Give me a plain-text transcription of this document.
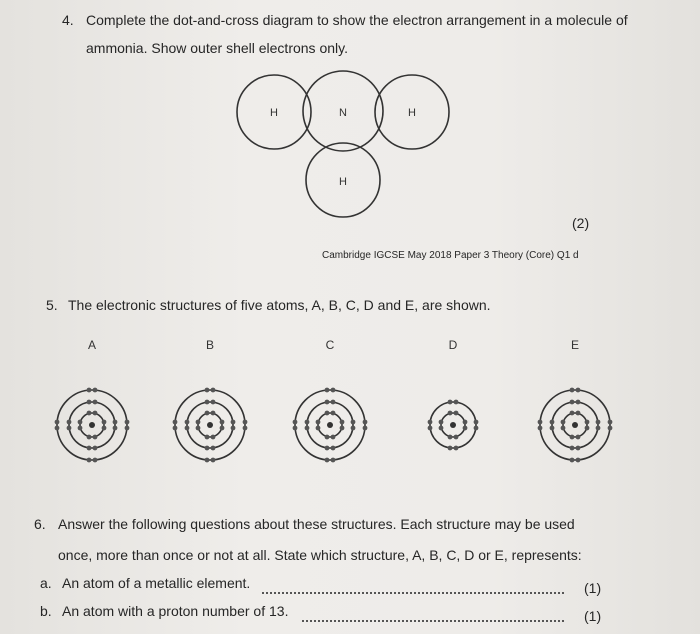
4. Complete the dot-and-cross diagram to show the electron arrangement in a molecule of
ammonia. Show outer shell electrons only.
H	N	H
H
(2)
Cambridge IGCSE May 2018 Paper 3 Theory (Core) Q1 d
5. The electronic structures of five atoms, A, B, C, D and E, are shown.
A	B	C	D	E
6. Answer the following questions about these structures. Each structure may be used
once, more than once or not at all. State which structure, A, B, C, D or E, represents:
a. An atom of a metallic element.	(1)
b. An atom with a proton number of 13.	(1)
